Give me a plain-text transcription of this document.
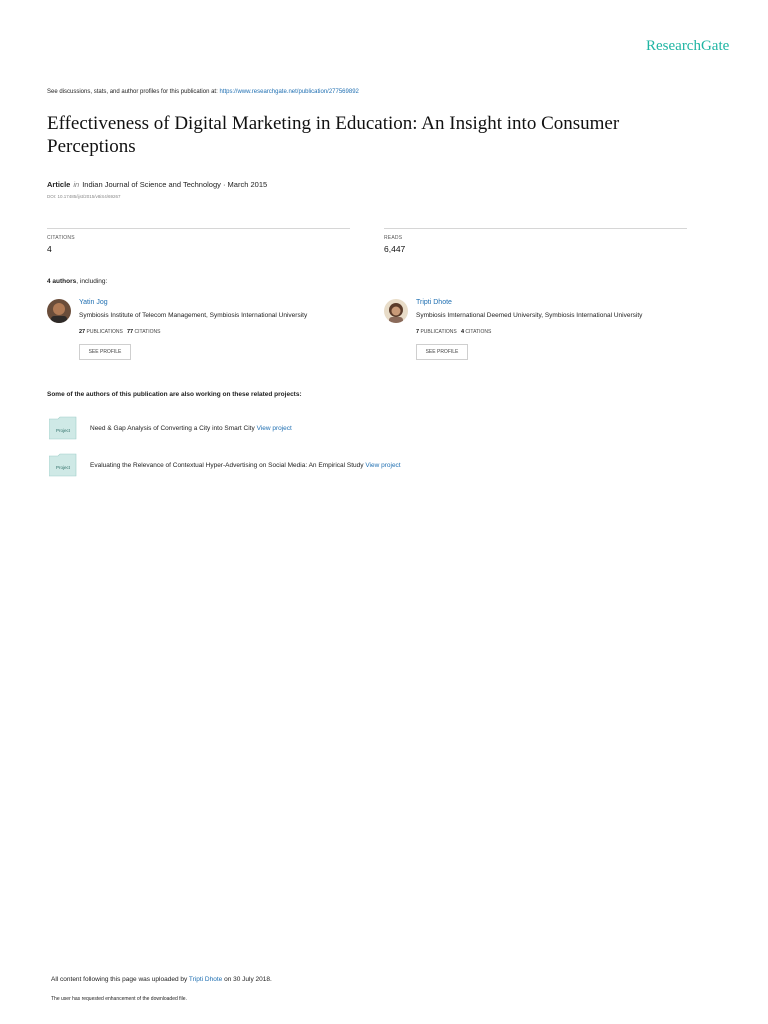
ResearchGate
See discussions, stats, and author profiles for this publication at: https://www.researchgate.net/publication/277569892
Effectiveness of Digital Marketing in Education: An Insight into Consumer Perceptions
Article in Indian Journal of Science and Technology · March 2015
DOI: 10.17485/ijst/2015/v8iS4/69267
CITATIONS
4
READS
6,447
4 authors, including:
Yatin Jog
Symbiosis Institute of Telecom Management, Symbiosis International University
27 PUBLICATIONS 77 CITATIONS
SEE PROFILE
Tripti Dhote
Symbiosis Imternational Deemed University, Symbiosis International University
7 PUBLICATIONS 4 CITATIONS
SEE PROFILE
Some of the authors of this publication are also working on these related projects:
Project	Need & Gap Analysis of Converting a City into Smart City View project
Project	Evaluating the Relevance of Contextual Hyper-Advertising on Social Media: An Empirical Study View project
All content following this page was uploaded by Tripti Dhote on 30 July 2018.
The user has requested enhancement of the downloaded file.
